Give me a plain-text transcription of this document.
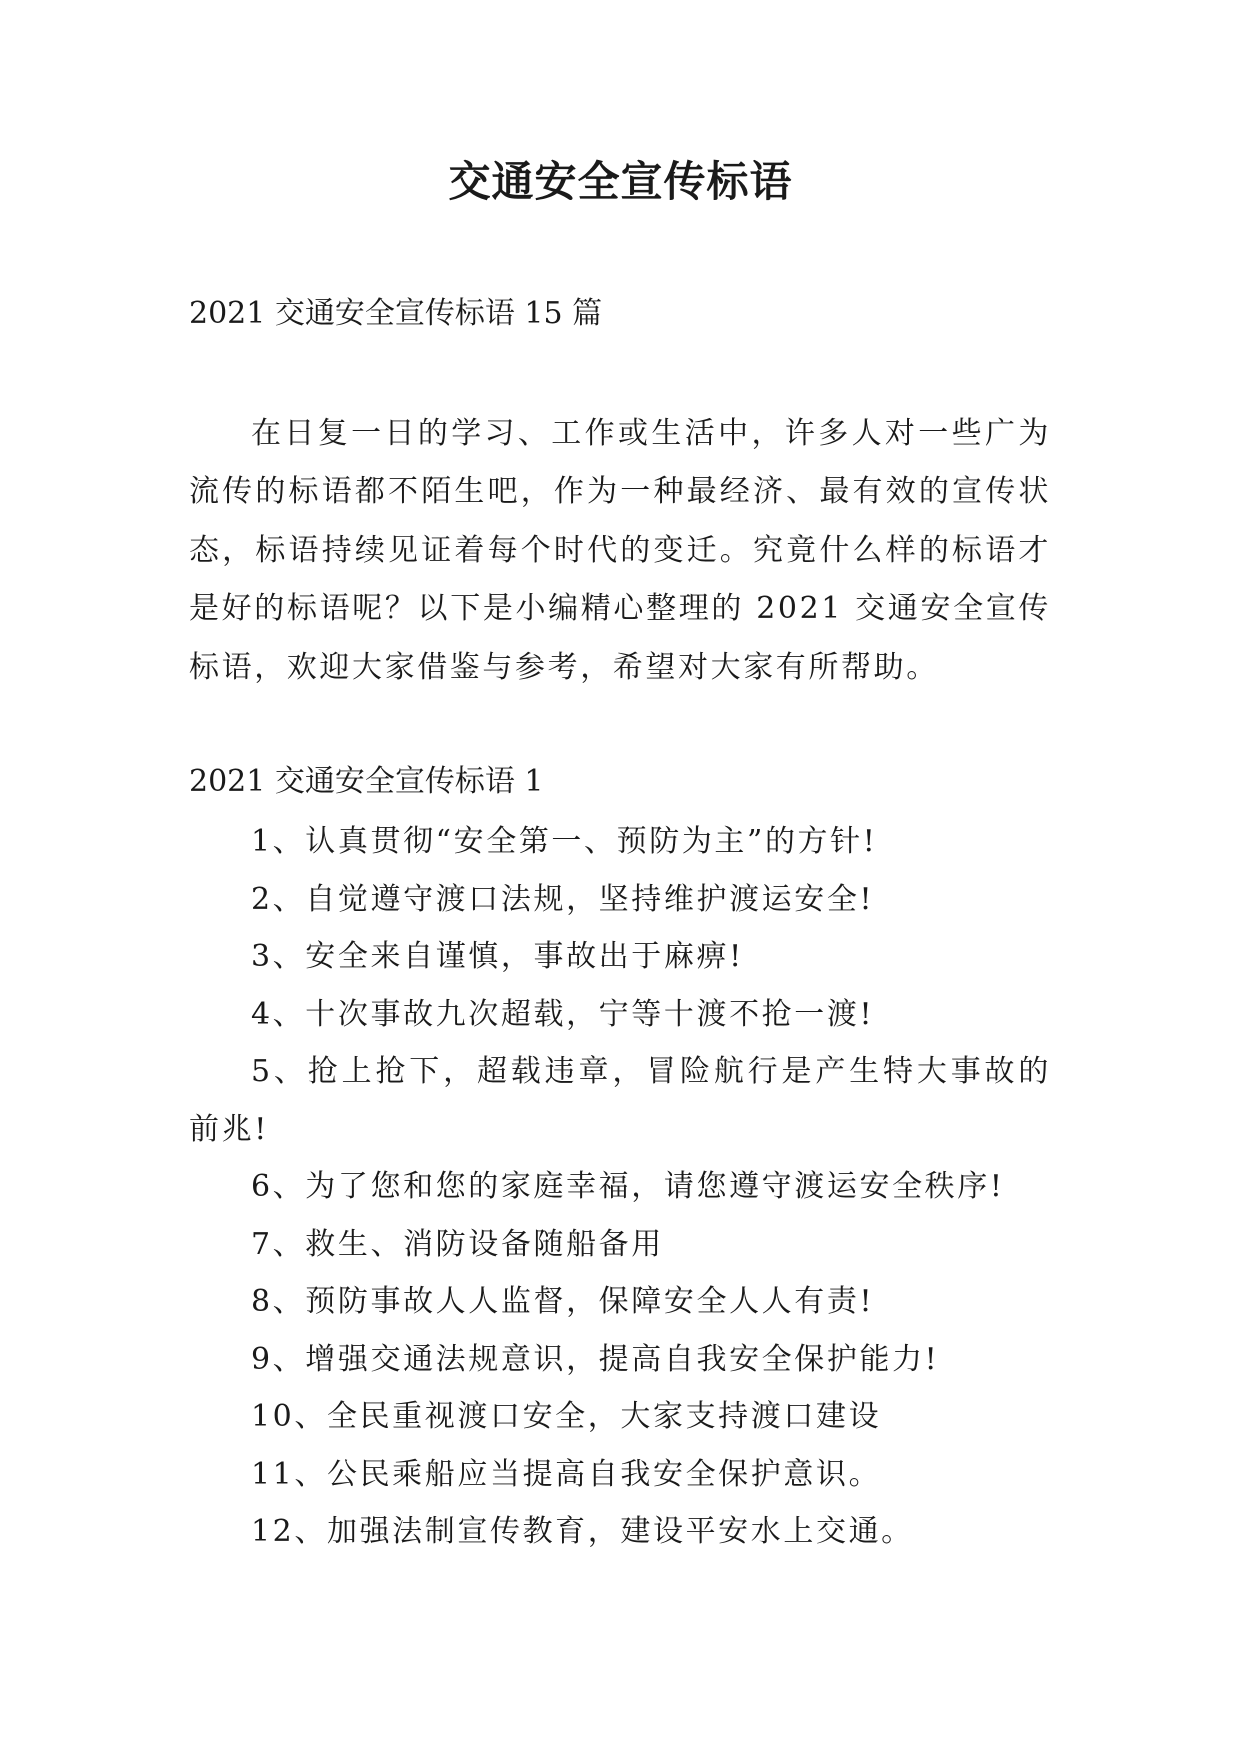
交通安全宣传标语

2021 交通安全宣传标语 15 篇

在日复一日的学习、工作或生活中，许多人对一些广为流传的标语都不陌生吧，作为一种最经济、最有效的宣传状态，标语持续见证着每个时代的变迁。究竟什么样的标语才是好的标语呢？以下是小编精心整理的 2021 交通安全宣传标语，欢迎大家借鉴与参考，希望对大家有所帮助。

2021 交通安全宣传标语 1

1、认真贯彻“安全第一、预防为主”的方针!
2、自觉遵守渡口法规，坚持维护渡运安全!
3、安全来自谨慎，事故出于麻痹!
4、十次事故九次超载，宁等十渡不抢一渡!
5、抢上抢下，超载违章，冒险航行是产生特大事故的前兆!
6、为了您和您的家庭幸福，请您遵守渡运安全秩序!
7、救生、消防设备随船备用
8、预防事故人人监督，保障安全人人有责!
9、增强交通法规意识，提高自我安全保护能力!
10、全民重视渡口安全，大家支持渡口建设
11、公民乘船应当提高自我安全保护意识。
12、加强法制宣传教育，建设平安水上交通。
